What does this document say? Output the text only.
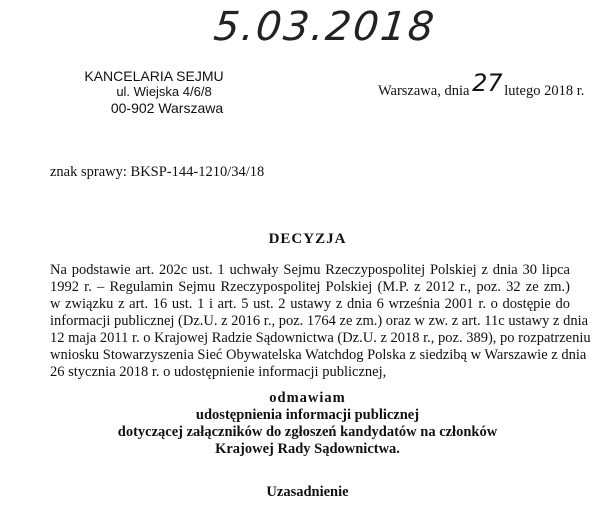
5.03.2018
KANCELARIA SEJMU
ul. Wiejska 4/6/8
00-902 Warszawa
Warszawa, dnia 27 lutego 2018 r.
znak sprawy: BKSP-144-1210/34/18
DECYZJA
Na podstawie art. 202c ust. 1 uchwały Sejmu Rzeczypospolitej Polskiej z dnia 30 lipca
1992 r. – Regulamin Sejmu Rzeczypospolitej Polskiej (M.P. z 2012 r., poz. 32 ze zm.)
w związku z art. 16 ust. 1 i art. 5 ust. 2 ustawy z dnia 6 września 2001 r. o dostępie do
informacji publicznej (Dz.U. z 2016 r., poz. 1764 ze zm.) oraz w zw. z art. 11c ustawy z dnia
12 maja 2011 r. o Krajowej Radzie Sądownictwa (Dz.U. z 2018 r., poz. 389), po rozpatrzeniu
wniosku Stowarzyszenia Sieć Obywatelska Watchdog Polska z siedzibą w Warszawie z dnia
26 stycznia 2018 r. o udostępnienie informacji publicznej,
odmawiam
udostępnienia informacji publicznej
dotyczącej załączników do zgłoszeń kandydatów na członków
Krajowej Rady Sądownictwa.
Uzasadnienie
